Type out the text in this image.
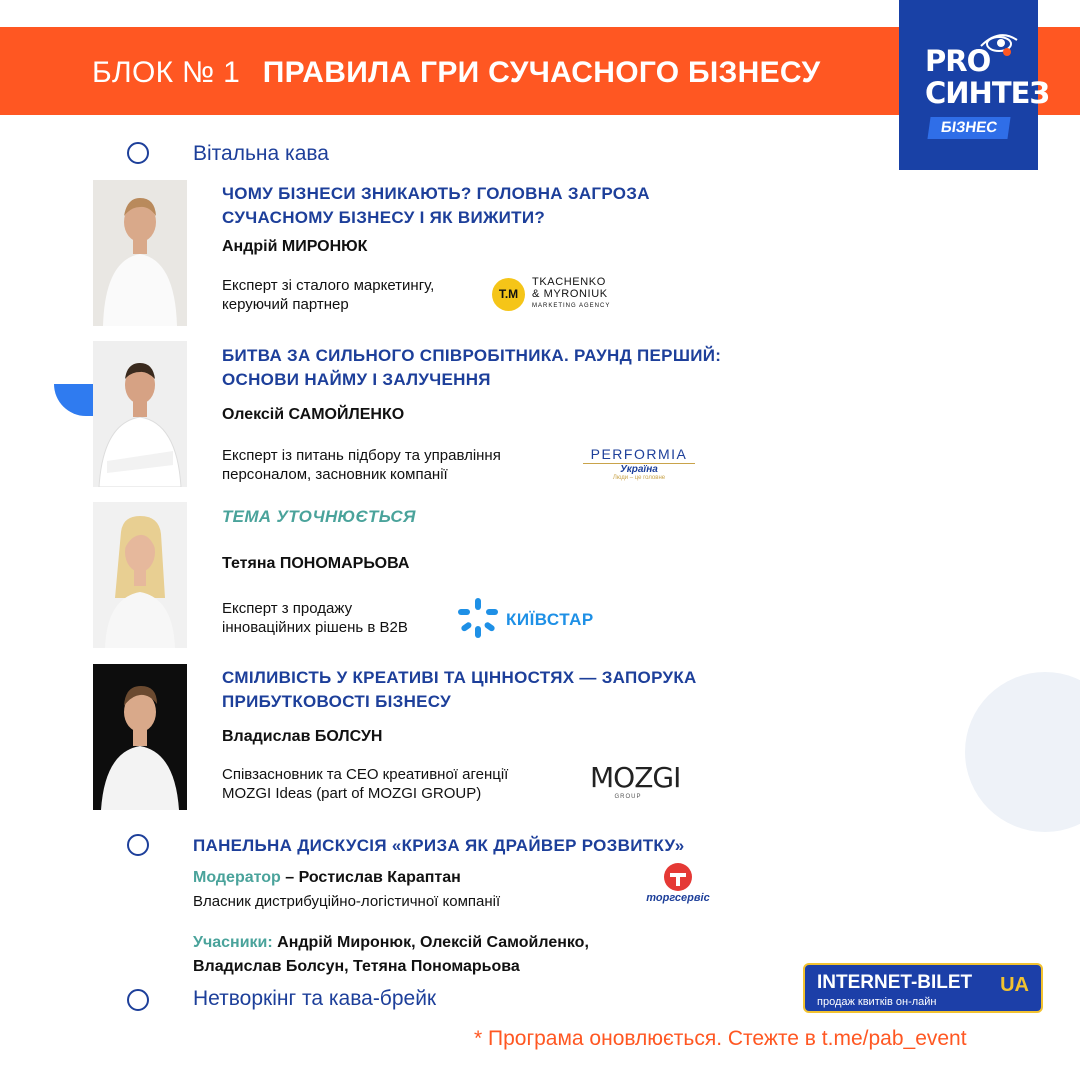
БЛОК № 1 ПРАВИЛА ГРИ СУЧАСНОГО БІЗНЕСУ	PRO
СИНТЕЗ
БІЗНЕС
Вітальна кава
ЧОМУ БІЗНЕСИ ЗНИКАЮТЬ? ГОЛОВНА ЗАГРОЗА
СУЧАСНОМУ БІЗНЕСУ І ЯК ВИЖИТИ?
Андрій МИРОНЮК
Експерт зі сталого маркетингу,
керуючий партнер
T.M
TKACHENKO
& MYRONIUK
MARKETING AGENCY
БИТВА ЗА СИЛЬНОГО СПІВРОБІТНИКА. РАУНД ПЕРШИЙ:
ОСНОВИ НАЙМУ І ЗАЛУЧЕННЯ
Олексій САМОЙЛЕНКО
Експерт із питань підбору та управління
персоналом, засновник компанії
PERFORMIA
Україна
Люди – це головне
ТЕМА УТОЧНЮЄТЬСЯ
Тетяна ПОНОМАРЬОВА
Експерт з продажу
інноваційних рішень в B2B	КИЇВСТАР
СМІЛИВІСТЬ У КРЕАТИВІ ТА ЦІННОСТЯХ — ЗАПОРУКА
ПРИБУТКОВОСТІ БІЗНЕСУ
Владислав БОЛСУН
Співзасновник та CEO креативної агенції
MOZGI Ideas (part of MOZGI GROUP)	MOZGI
GROUP
ПАНЕЛЬНА ДИСКУСІЯ «КРИЗА ЯК ДРАЙВЕР РОЗВИТКУ»
Модератор – Ростислав Караптан
Власник дистрибуційно-логістичної компанії	торгсервіс
Учасники: Андрій Миронюк, Олексій Самойленко,
Владислав Болсун, Тетяна Пономарьова
Нетворкінг та кава-брейк
INTERNET-BILET UA
продаж квитків он-лайн
* Програма оновлюється. Стежте в t.me/pab_event
